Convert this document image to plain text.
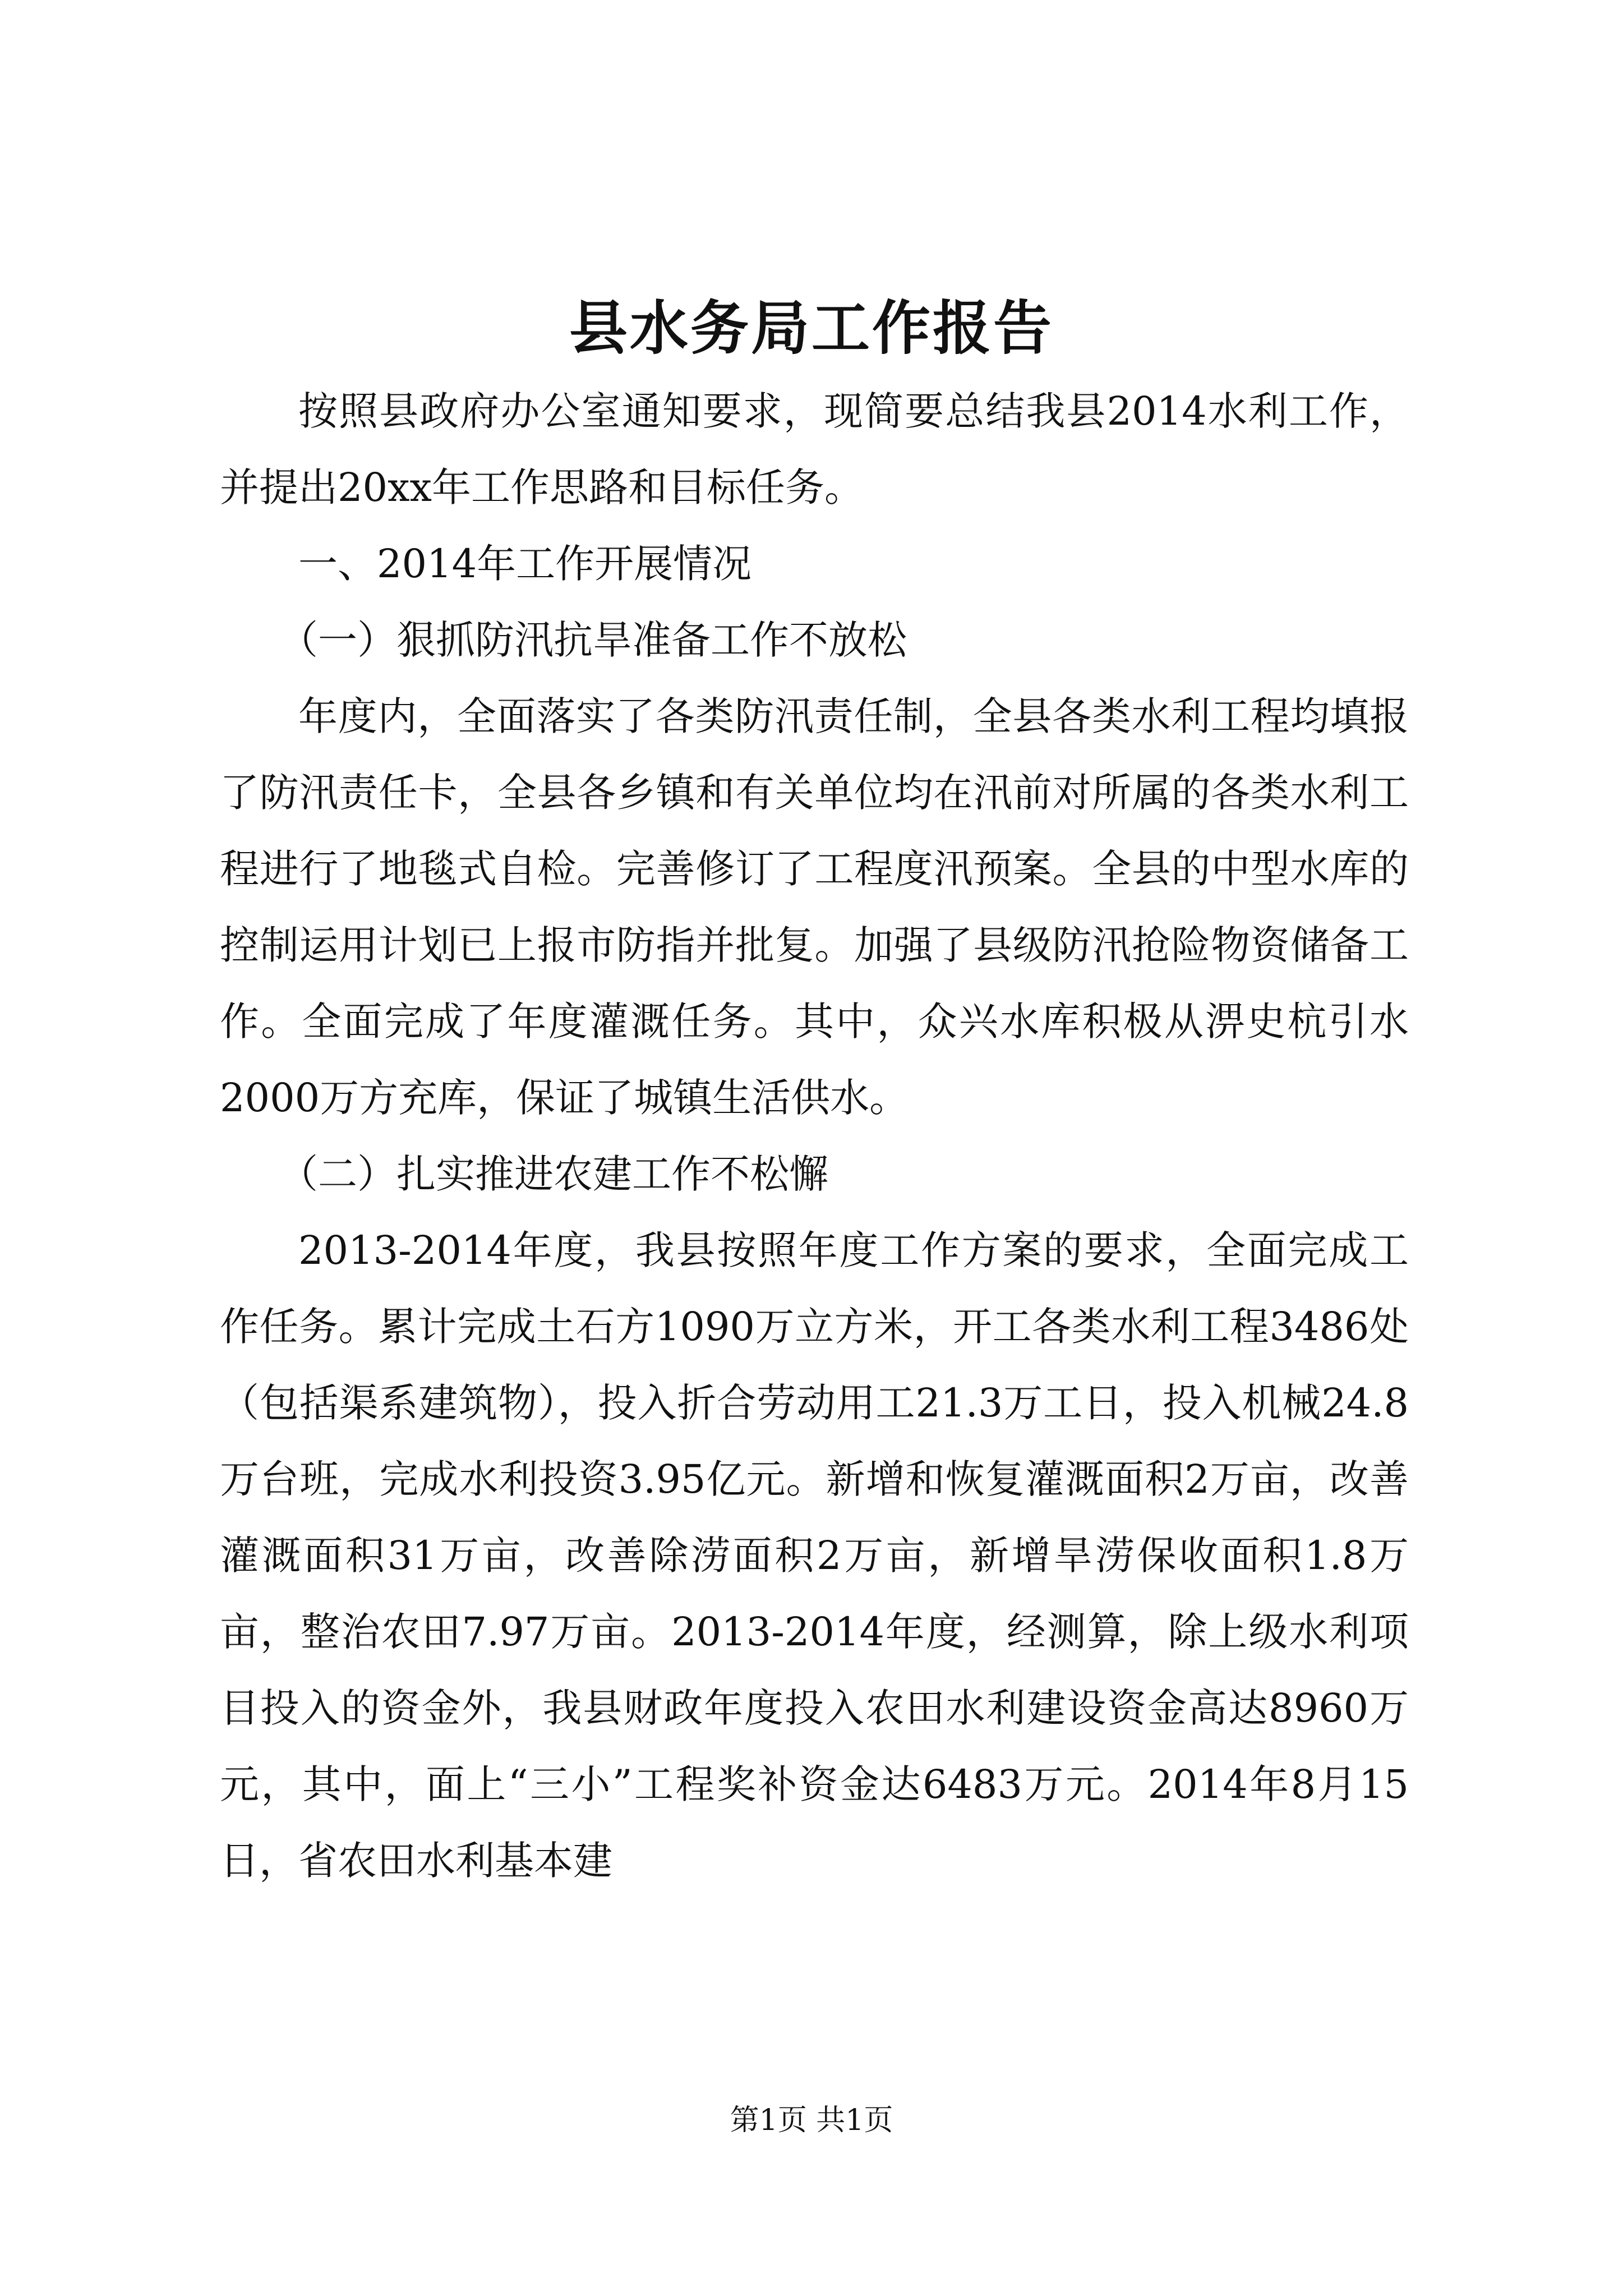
县水务局工作报告

按照县政府办公室通知要求，现简要总结我县2014水利工作，并提出20xx年工作思路和目标任务。

一、2014年工作开展情况

（一）狠抓防汛抗旱准备工作不放松

年度内，全面落实了各类防汛责任制，全县各类水利工程均填报了防汛责任卡，全县各乡镇和有关单位均在汛前对所属的各类水利工程进行了地毯式自检。完善修订了工程度汛预案。全县的中型水库的控制运用计划已上报市防指并批复。加强了县级防汛抢险物资储备工作。全面完成了年度灌溉任务。其中，众兴水库积极从淠史杭引水2000万方充库，保证了城镇生活供水。

（二）扎实推进农建工作不松懈

2013-2014年度，我县按照年度工作方案的要求，全面完成工作任务。累计完成土石方1090万立方米，开工各类水利工程3486处（包括渠系建筑物），投入折合劳动用工21.3万工日，投入机械24.8万台班，完成水利投资3.95亿元。新增和恢复灌溉面积2万亩，改善灌溉面积31万亩，改善除涝面积2万亩，新增旱涝保收面积1.8万亩，整治农田7.97万亩。2013-2014年度，经测算，除上级水利项目投入的资金外，我县财政年度投入农田水利建设资金高达8960万元，其中，面上“三小”工程奖补资金达6483万元。2014年8月15日，省农田水利基本建

第1页 共1页
